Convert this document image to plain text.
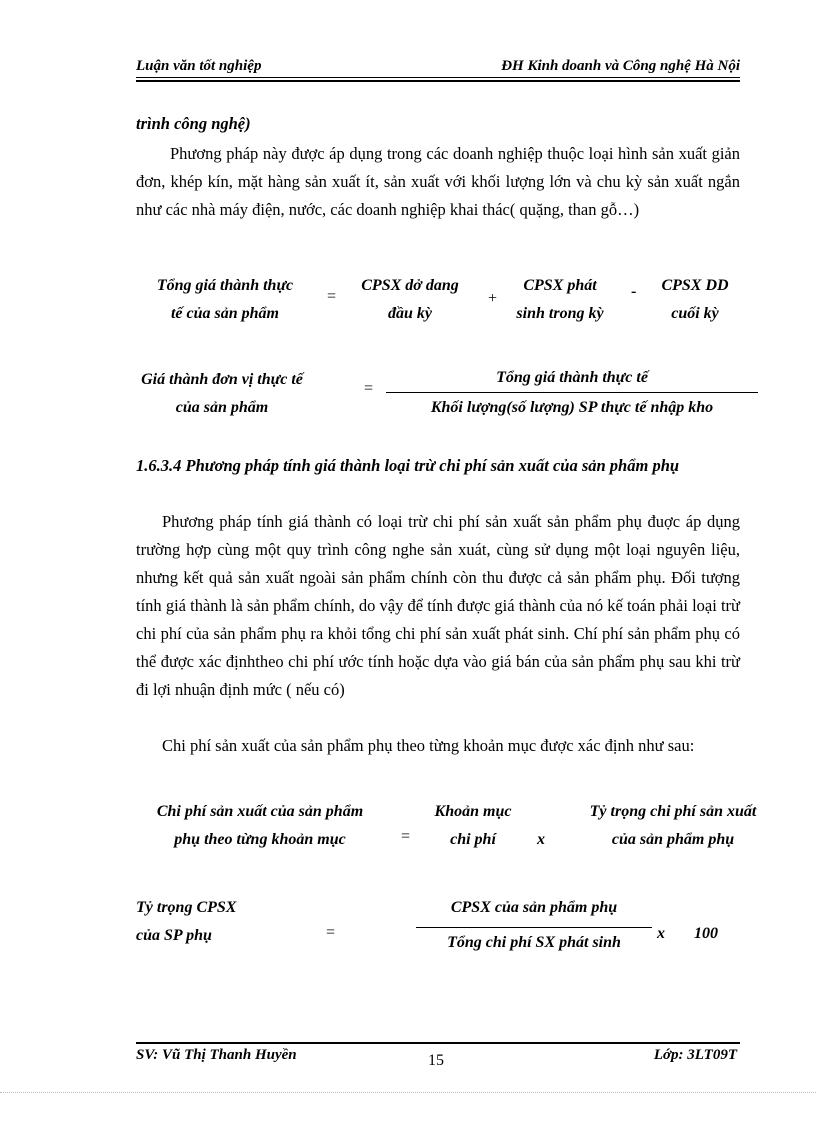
Luận văn tốt nghiệp	ĐH Kinh doanh và Công nghệ Hà Nội
trình công nghệ)

Phương pháp này được áp dụng trong các doanh nghiệp thuộc loại hình sản xuất giản đơn, khép kín, mặt hàng sản xuất ít, sản xuất với khối lượng lớn và chu kỳ sản xuất ngắn như các nhà máy điện, nước, các doanh nghiệp khai thác( quặng, than gỗ…)

Tổng giá thành thực
tế của sản phẩm
=
CPSX dở dang
đầu kỳ
+
CPSX phát
sinh trong kỳ
-	CPSX DD
cuối kỳ
Giá thành đơn vị thực tế
của sản phẩm
=
Tổng giá thành thực tế
Khối lượng(số lượng) SP thực tế nhập kho
1.6.3.4 Phương pháp tính giá thành loại trừ chi phí sản xuất của sản phẩm phụ

Phương pháp tính giá thành có loại trừ chi phí sản xuất sản phẩm phụ đuợc áp dụng trường hợp cùng một quy trình công nghe sản xuát, cùng sử dụng một loại nguyên liệu, nhưng kết quả sản xuất ngoài sản phẩm chính còn thu được cả sản phẩm phụ. Đối tượng tính giá thành là sản phẩm chính, do vậy để tính được giá thành của nó kế toán phải loại trừ chi phí của sản phẩm phụ ra khỏi tổng chi phí sản xuất phát sinh. Chí phí sản phẩm phụ có thể được xác địnhtheo chi phí ước tính hoặc dựa vào giá bán của sản phẩm phụ sau khi trừ đi lợi nhuận định mức ( nếu có)

Chi phí sản xuất của sản phẩm phụ theo từng khoản mục được xác định như sau:

Chi phí sản xuất của sản phẩm
phụ theo từng khoản mục	=
Khoản mục
chi phí	x
Tỷ trọng chi phí sản xuất
của sản phẩm phụ
Tỷ trọng CPSX
của SP phụ	=
CPSX của sản phẩm phụ
Tổng chi phí SX phát sinh
x 100
SV: Vũ Thị Thanh Huyền	15	Lớp: 3LT09T
